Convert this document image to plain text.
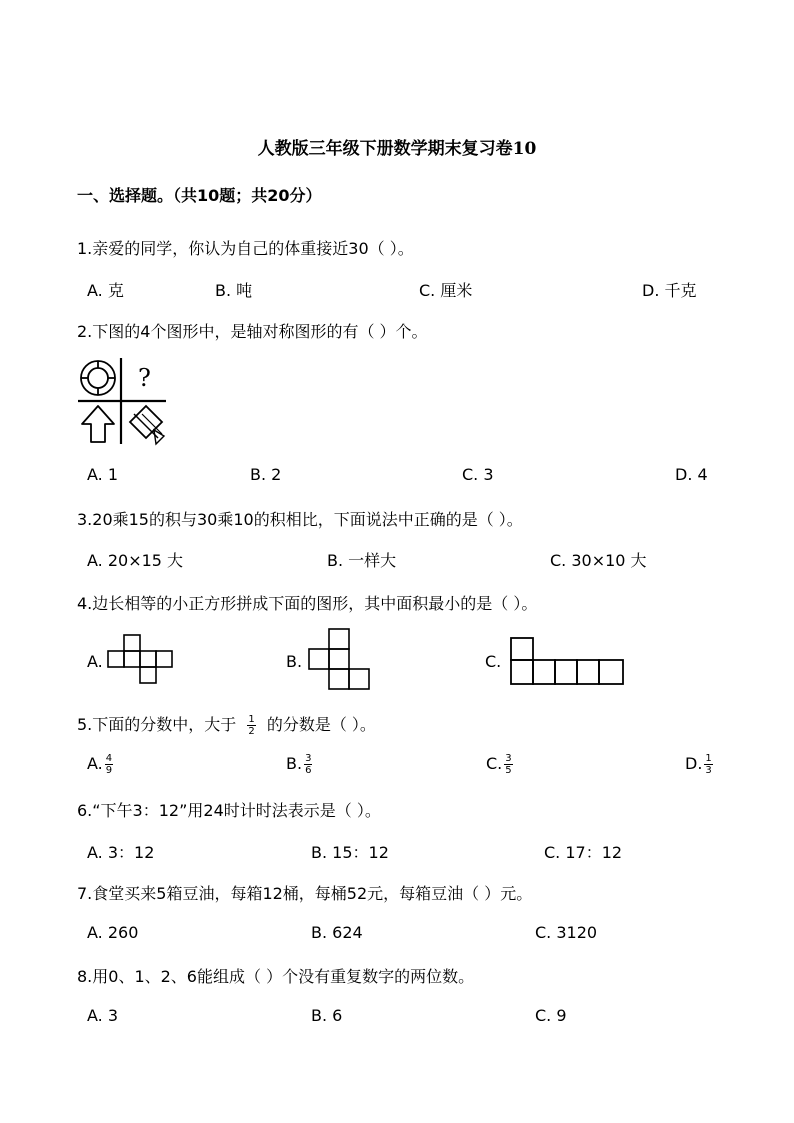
人教版三年级下册数学期末复习卷10
一、选择题。（共10题；共20分）
1.亲爱的同学，你认为自己的体重接近30（ ）。
A. 克	B. 吨	C. 厘米	D. 千克
2.下图的4个图形中，是轴对称图形的有（ ）个。
?
A. 1	B. 2	C. 3	D. 4
3.20乘15的积与30乘10的积相比，下面说法中正确的是（ ）。
A. 20×15 大	B. 一样大	C. 30×10 大
4.边长相等的小正方形拼成下面的图形，其中面积最小的是（ ）。
A.	B.	C.
5.下面的分数中，大于 $\frac{1}{2}$ 的分数是（ ）。
A. $\frac{4}{9}$	B. $\frac{3}{6}$	C. $\frac{3}{5}$	D. $\frac{1}{3}$
6.“下午3：12”用24时计时法表示是（ ）。
A. 3：12	B. 15：12	C. 17：12
7.食堂买来5箱豆油，每箱12桶，每桶52元，每箱豆油（ ）元。
A. 260	B. 624	C. 3120
8.用0、1、2、6能组成（ ）个没有重复数字的两位数。
A. 3	B. 6	C. 9
